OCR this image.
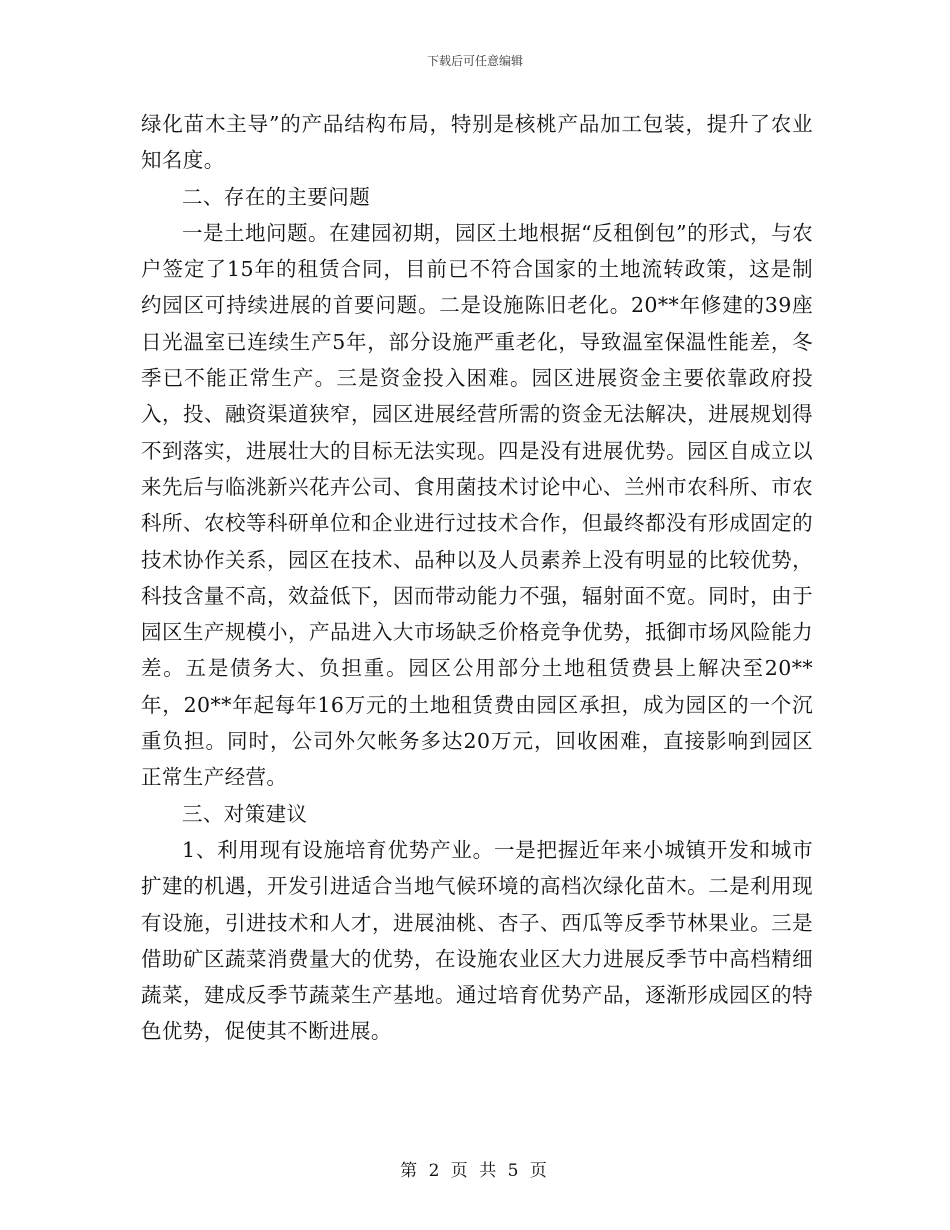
下载后可任意编辑

绿化苗木主导”的产品结构布局，特别是核桃产品加工包装，提升了农业知名度。

二、存在的主要问题

一是土地问题。在建园初期，园区土地根据“反租倒包”的形式，与农户签定了15年的租赁合同，目前已不符合国家的土地流转政策，这是制约园区可持续进展的首要问题。二是设施陈旧老化。20**年修建的39座日光温室已连续生产5年，部分设施严重老化，导致温室保温性能差，冬季已不能正常生产。三是资金投入困难。园区进展资金主要依靠政府投入，投、融资渠道狭窄，园区进展经营所需的资金无法解决，进展规划得不到落实，进展壮大的目标无法实现。四是没有进展优势。园区自成立以来先后与临洮新兴花卉公司、食用菌技术讨论中心、兰州市农科所、市农科所、农校等科研单位和企业进行过技术合作，但最终都没有形成固定的技术协作关系，园区在技术、品种以及人员素养上没有明显的比较优势，科技含量不高，效益低下，因而带动能力不强，辐射面不宽。同时，由于园区生产规模小，产品进入大市场缺乏价格竞争优势，抵御市场风险能力差。五是债务大、负担重。园区公用部分土地租赁费县上解决至20**年，20**年起每年16万元的土地租赁费由园区承担，成为园区的一个沉重负担。同时，公司外欠帐务多达20万元，回收困难，直接影响到园区正常生产经营。

三、对策建议

1、利用现有设施培育优势产业。一是把握近年来小城镇开发和城市扩建的机遇，开发引进适合当地气候环境的高档次绿化苗木。二是利用现有设施，引进技术和人才，进展油桃、杏子、西瓜等反季节林果业。三是借助矿区蔬菜消费量大的优势，在设施农业区大力进展反季节中高档精细蔬菜，建成反季节蔬菜生产基地。通过培育优势产品，逐渐形成园区的特色优势，促使其不断进展。

第 2 页 共 5 页
